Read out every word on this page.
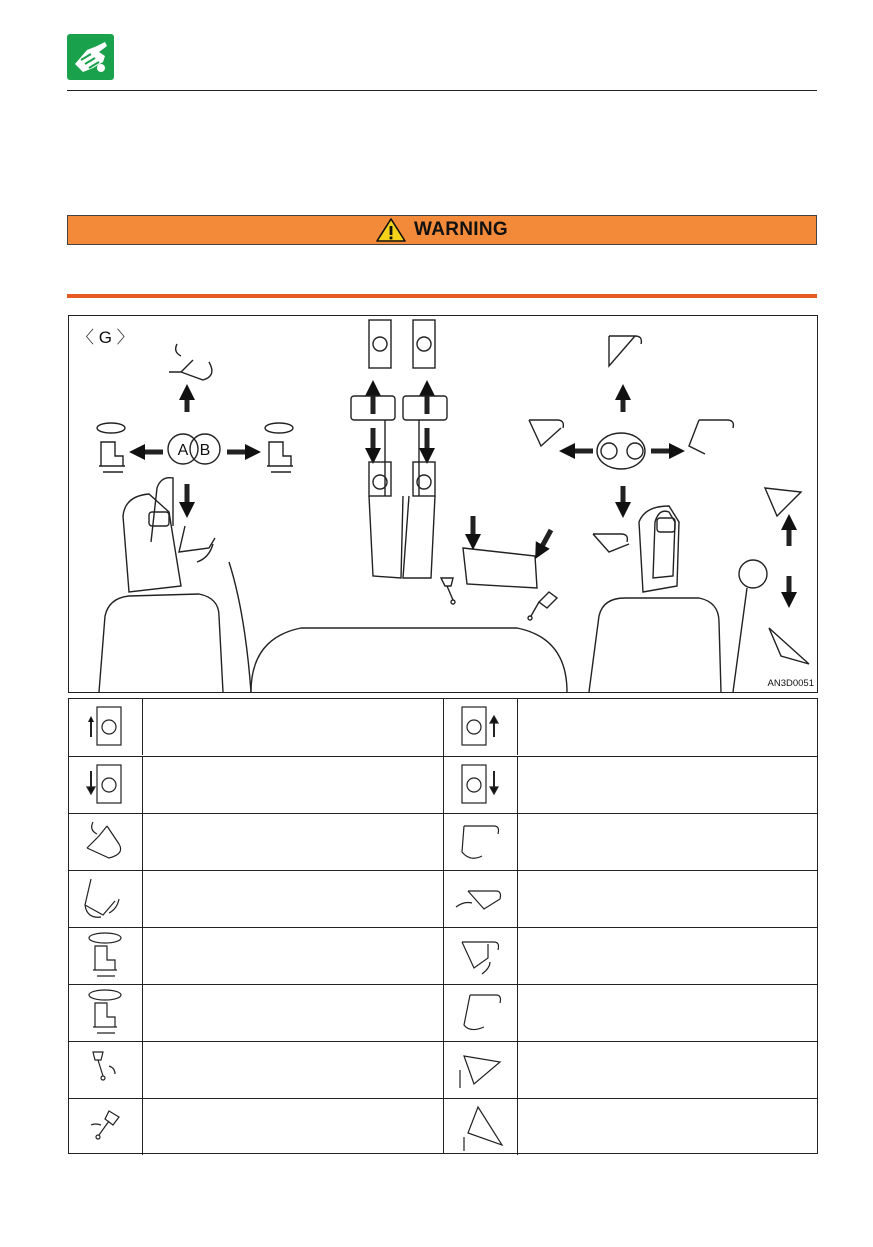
WARNING
〈 G 〉
AN3D0051
A B
